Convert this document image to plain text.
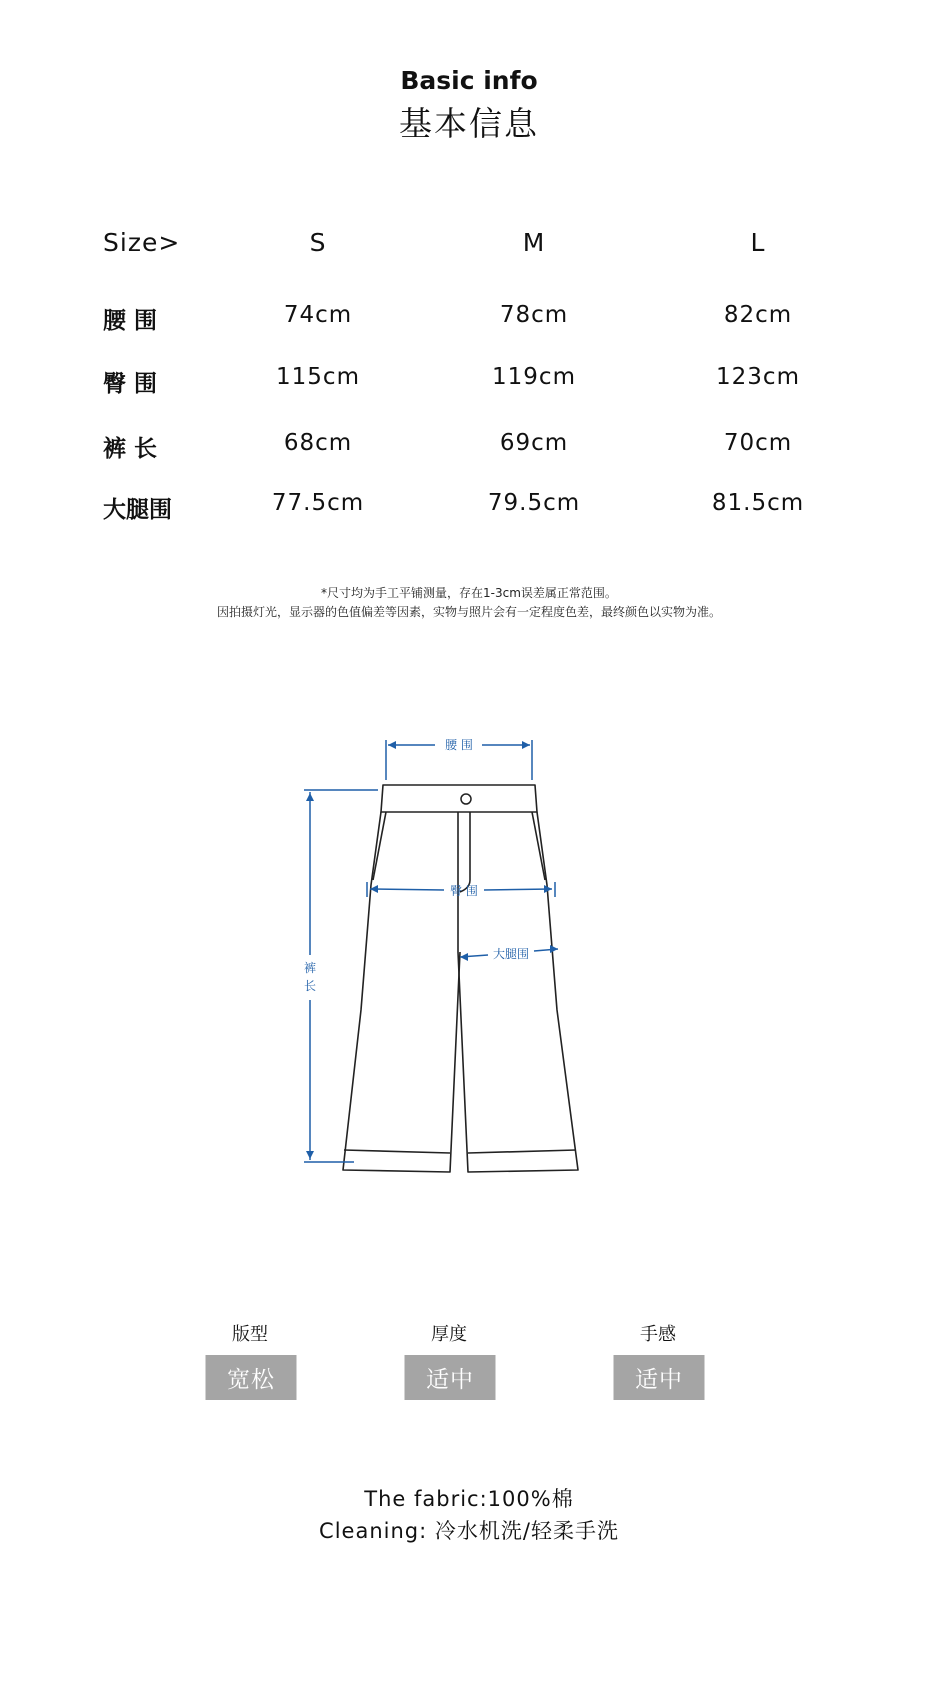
Basic info
基本信息
Size>	S	M	L
腰 围	74cm	78cm	82cm
臀 围	115cm	119cm	123cm
裤 长	68cm	69cm	70cm
大腿围	77.5cm	79.5cm	81.5cm
*尺寸均为手工平铺测量，存在1-3cm误差属正常范围。
因拍摄灯光，显示器的色值偏差等因素，实物与照片会有一定程度色差，最终颜色以实物为准。
腰 围
臀 围
大腿围
裤
长
版型	厚度	手感
宽松	适中	适中
The fabric:100%棉
Cleaning: 冷水机洗/轻柔手洗
